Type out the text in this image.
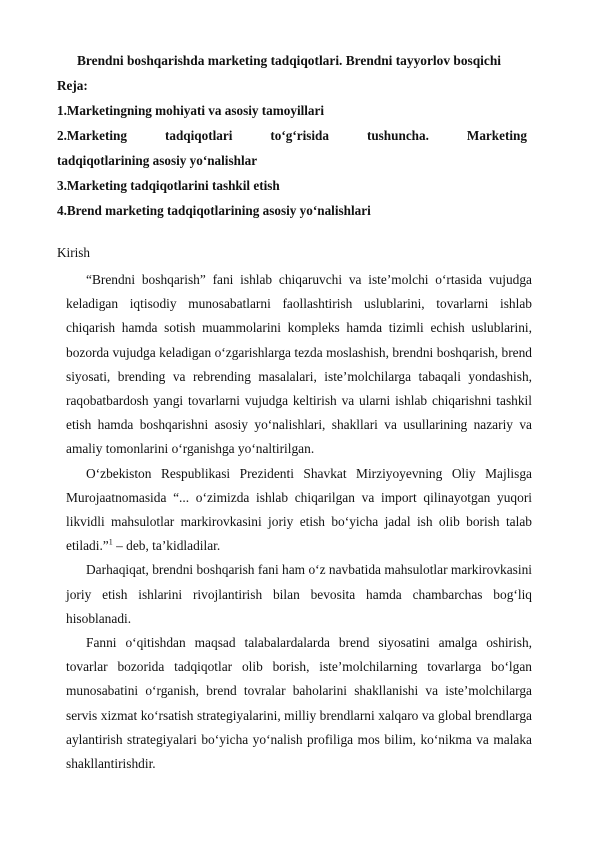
Brendni boshqarishda marketing tadqiqotlari. Brendni tayyorlov bosqichi
Reja:
1.Marketingning mohiyati va asosiy tamoyillari
2.Marketing	tadqiqotlari	to‘g‘risida	tushuncha.	Marketing
tadqiqotlarining asosiy yo‘nalishlar
3.Marketing tadqiqotlarini tashkil etish
4.Brend marketing tadqiqotlarining asosiy yo‘nalishlari
Kirish

“Brendni boshqarish” fani ishlab chiqaruvchi va iste’molchi o‘rtasida vujudga keladigan iqtisodiy munosabatlarni faollashtirish uslublarini, tovarlarni ishlab chiqarish hamda sotish muammolarini kompleks hamda tizimli echish uslublarini, bozorda vujudga keladigan o‘zgarishlarga tezda moslashish, brendni boshqarish, brend siyosati, brending va rebrending masalalari, iste’molchilarga tabaqali yondashish, raqobatbardosh yangi tovarlarni vujudga keltirish va ularni ishlab chiqarishni tashkil etish hamda boshqarishni asosiy yo‘nalishlari, shakllari va usullarining nazariy va amaliy tomonlarini o‘rganishga yo‘naltirilgan.

O‘zbekiston Respublikasi Prezidenti Shavkat Mirziyoyevning Oliy Majlisga Murojaatnomasida “... o‘zimizda ishlab chiqarilgan va import qilinayotgan yuqori likvidli mahsulotlar markirovkasini joriy etish bo‘yicha jadal ish olib borish talab etiladi.”$^1$ – deb, ta’kidladilar.

Darhaqiqat, brendni boshqarish fani ham o‘z navbatida mahsulotlar markirovkasini joriy etish ishlarini rivojlantirish bilan bevosita hamda chambarchas bog‘liq hisoblanadi.

Fanni o‘qitishdan maqsad talabalardalarda brend siyosatini amalga oshirish, tovarlar bozorida tadqiqotlar olib borish, iste’molchilarning tovarlarga bo‘lgan munosabatini o‘rganish, brend tovralar baholarini shakllanishi va iste’molchilarga servis xizmat ko‘rsatish strategiyalarini, milliy brendlarni xalqaro va global brendlarga aylantirish strategiyalari bo‘yicha yo‘nalish profiliga mos bilim, ko‘nikma va malaka shakllantirishdir.
